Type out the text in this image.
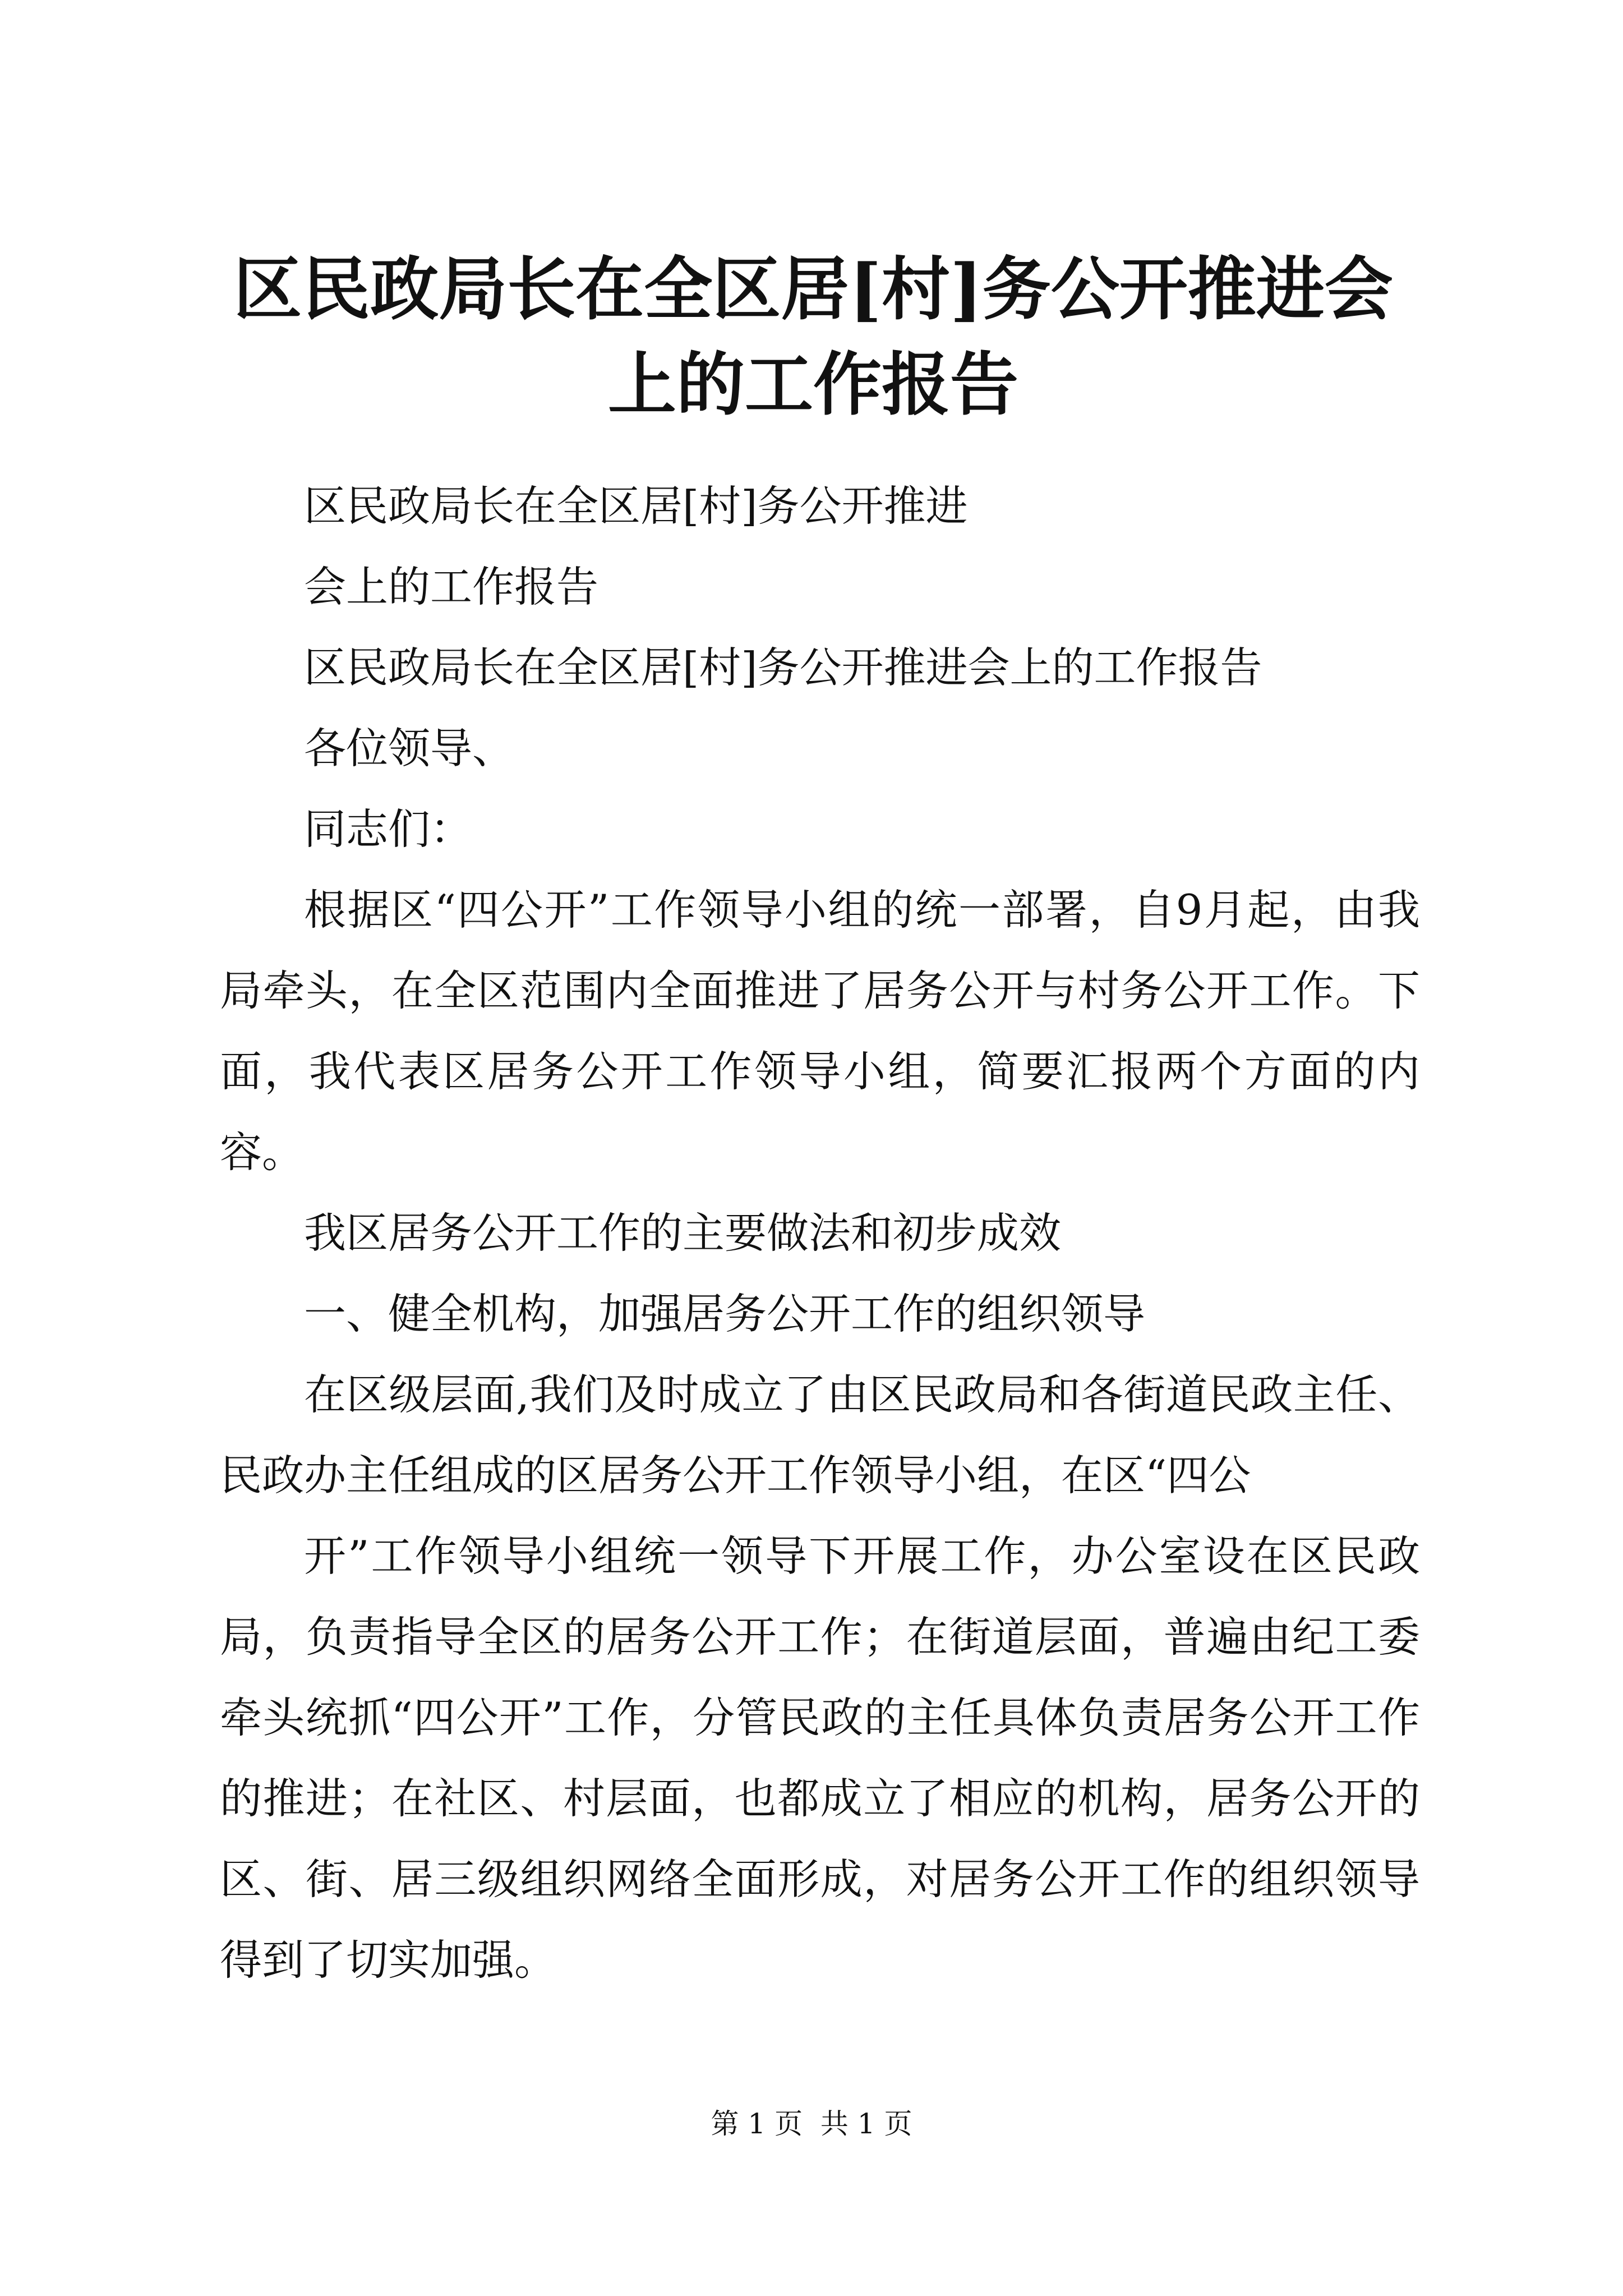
区民政局长在全区居[村]务公开推进会上的工作报告

区民政局长在全区居[村]务公开推进

会上的工作报告

区民政局长在全区居[村]务公开推进会上的工作报告

各位领导、

同志们：

根据区“四公开”工作领导小组的统一部署，自9月起，由我局牵头，在全区范围内全面推进了居务公开与村务公开工作。下面，我代表区居务公开工作领导小组，简要汇报两个方面的内容。

我区居务公开工作的主要做法和初步成效

一、健全机构，加强居务公开工作的组织领导

在区级层面,我们及时成立了由区民政局和各街道民政主任、民政办主任组成的区居务公开工作领导小组，在区“四公

开”工作领导小组统一领导下开展工作，办公室设在区民政局，负责指导全区的居务公开工作；在街道层面，普遍由纪工委牵头统抓“四公开”工作，分管民政的主任具体负责居务公开工作的推进；在社区、村层面，也都成立了相应的机构，居务公开的区、街、居三级组织网络全面形成，对居务公开工作的组织领导得到了切实加强。

第 1 页  共 1 页
